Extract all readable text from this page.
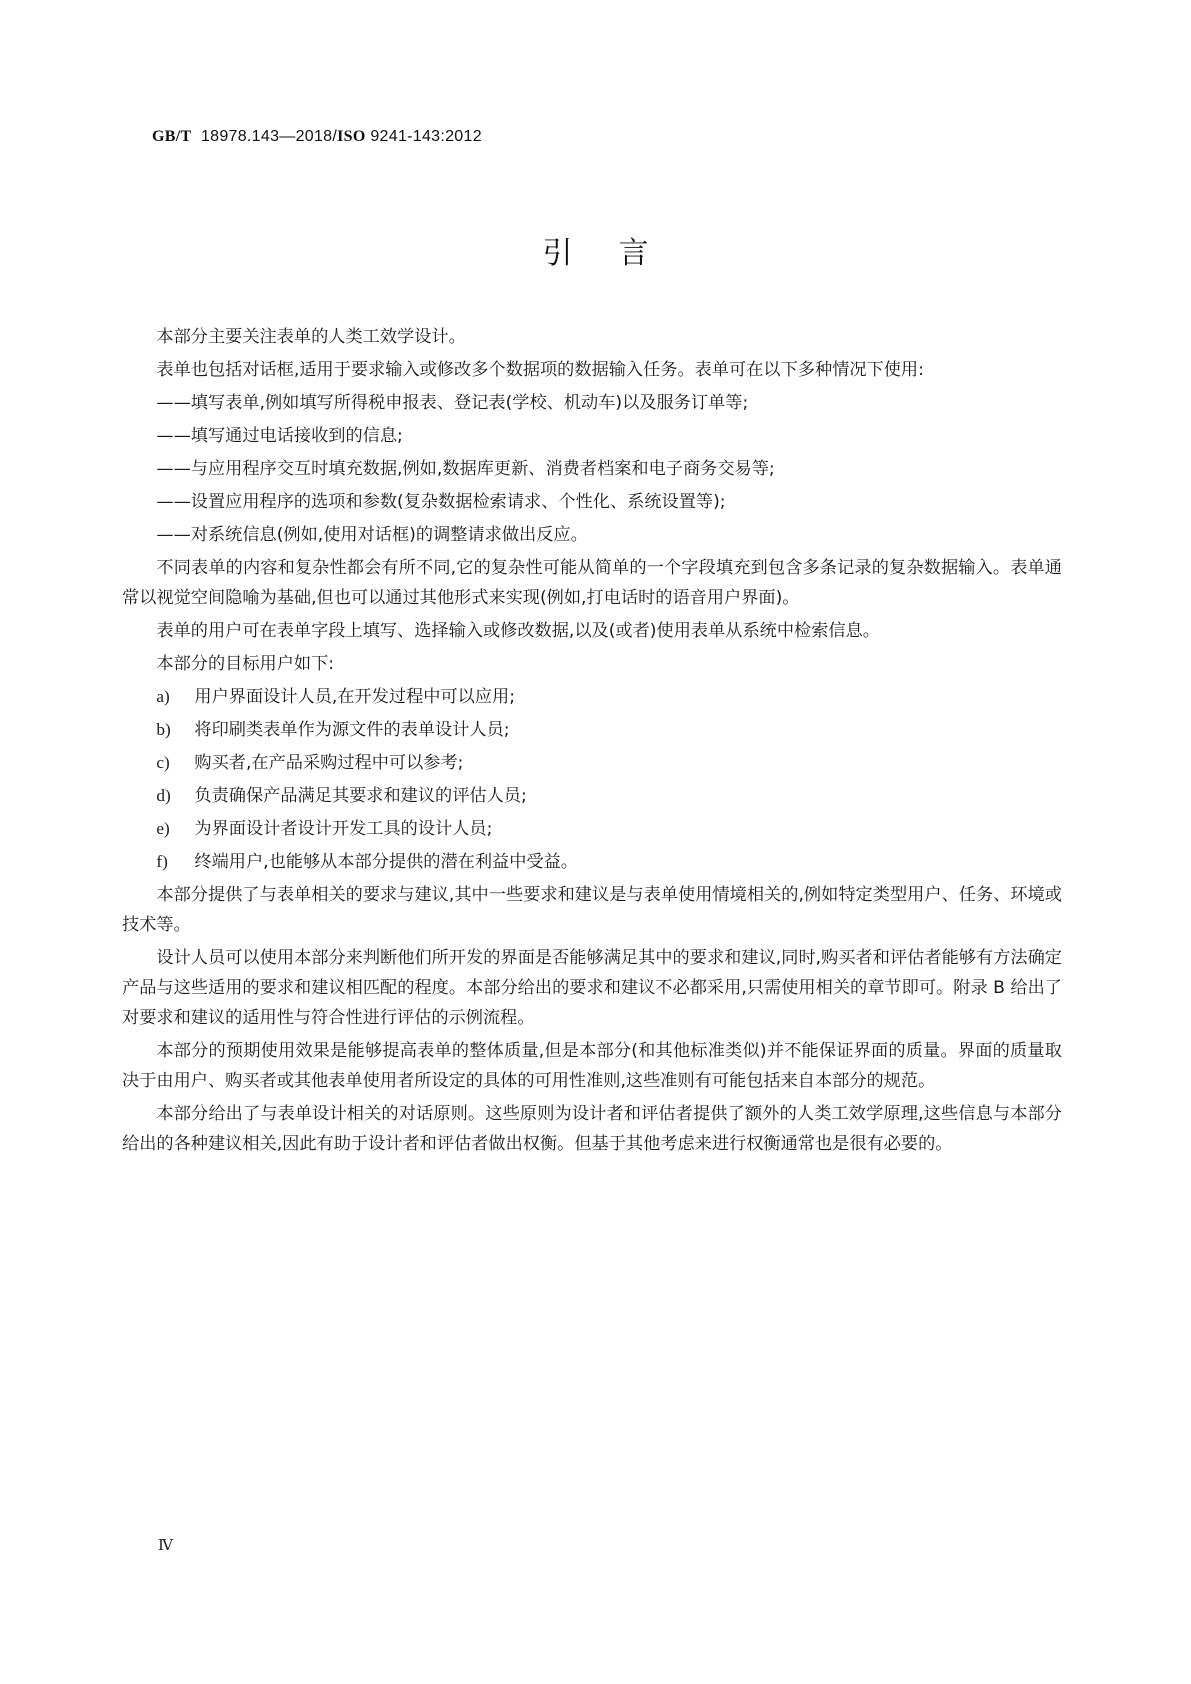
GB/T 18978.143—2018/ISO 9241-143:2012
引言

本部分主要关注表单的人类工效学设计。

表单也包括对话框,适用于要求输入或修改多个数据项的数据输入任务。表单可在以下多种情况下使用:

——填写表单,例如填写所得税申报表、登记表(学校、机动车)以及服务订单等;

——填写通过电话接收到的信息;

——与应用程序交互时填充数据,例如,数据库更新、消费者档案和电子商务交易等;

——设置应用程序的选项和参数(复杂数据检索请求、个性化、系统设置等);

——对系统信息(例如,使用对话框)的调整请求做出反应。

不同表单的内容和复杂性都会有所不同,它的复杂性可能从简单的一个字段填充到包含多条记录的复杂数据输入。表单通常以视觉空间隐喻为基础,但也可以通过其他形式来实现(例如,打电话时的语音用户界面)。

表单的用户可在表单字段上填写、选择输入或修改数据,以及(或者)使用表单从系统中检索信息。

本部分的目标用户如下:

a)	用户界面设计人员,在开发过程中可以应用;
b)	将印刷类表单作为源文件的表单设计人员;
c)	购买者,在产品采购过程中可以参考;
d)	负责确保产品满足其要求和建议的评估人员;
e)	为界面设计者设计开发工具的设计人员;
f)	终端用户,也能够从本部分提供的潜在利益中受益。

本部分提供了与表单相关的要求与建议,其中一些要求和建议是与表单使用情境相关的,例如特定类型用户、任务、环境或技术等。

设计人员可以使用本部分来判断他们所开发的界面是否能够满足其中的要求和建议,同时,购买者和评估者能够有方法确定产品与这些适用的要求和建议相匹配的程度。本部分给出的要求和建议不必都采用,只需使用相关的章节即可。附录 B 给出了对要求和建议的适用性与符合性进行评估的示例流程。

本部分的预期使用效果是能够提高表单的整体质量,但是本部分(和其他标准类似)并不能保证界面的质量。界面的质量取决于由用户、购买者或其他表单使用者所设定的具体的可用性准则,这些准则有可能包括来自本部分的规范。

本部分给出了与表单设计相关的对话原则。这些原则为设计者和评估者提供了额外的人类工效学原理,这些信息与本部分给出的各种建议相关,因此有助于设计者和评估者做出权衡。但基于其他考虑来进行权衡通常也是很有必要的。

Ⅳ
